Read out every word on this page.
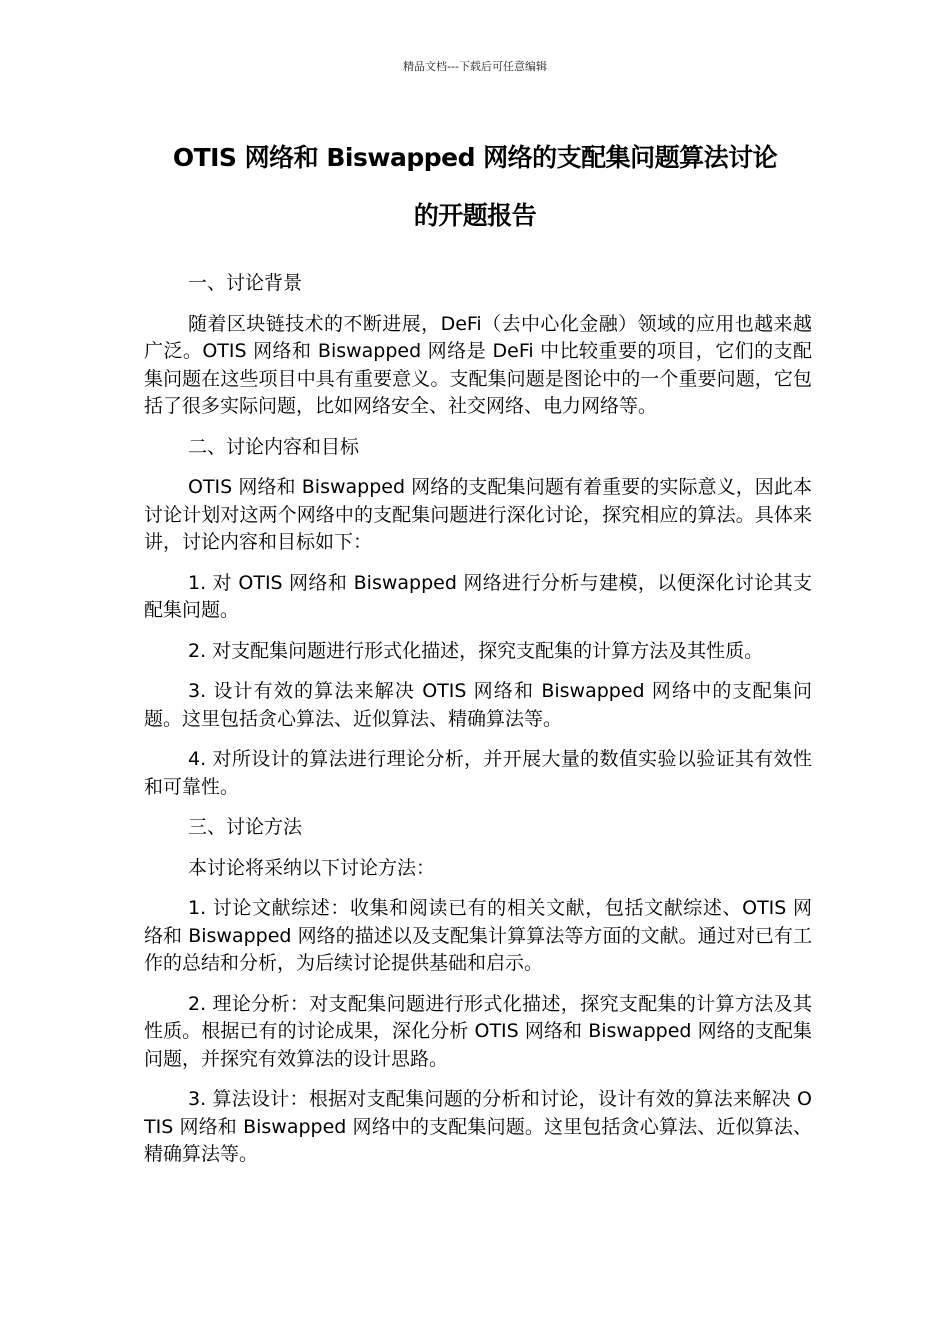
精品文档---下载后可任意编辑
OTIS 网络和 Biswapped 网络的支配集问题算法讨论
的开题报告

一、讨论背景

随着区块链技术的不断进展，DeFi（去中心化金融）领域的应用也越来越广泛。OTIS 网络和 Biswapped 网络是 DeFi 中比较重要的项目，它们的支配集问题在这些项目中具有重要意义。支配集问题是图论中的一个重要问题，它包括了很多实际问题，比如网络安全、社交网络、电力网络等。

二、讨论内容和目标

OTIS 网络和 Biswapped 网络的支配集问题有着重要的实际意义，因此本讨论计划对这两个网络中的支配集问题进行深化讨论，探究相应的算法。具体来讲，讨论内容和目标如下：

1. 对 OTIS 网络和 Biswapped 网络进行分析与建模，以便深化讨论其支配集问题。

2. 对支配集问题进行形式化描述，探究支配集的计算方法及其性质。

3. 设计有效的算法来解决 OTIS 网络和 Biswapped 网络中的支配集问题。这里包括贪心算法、近似算法、精确算法等。

4. 对所设计的算法进行理论分析，并开展大量的数值实验以验证其有效性和可靠性。

三、讨论方法

本讨论将采纳以下讨论方法：

1. 讨论文献综述：收集和阅读已有的相关文献，包括文献综述、OTIS 网络和 Biswapped 网络的描述以及支配集计算算法等方面的文献。通过对已有工作的总结和分析，为后续讨论提供基础和启示。

2. 理论分析：对支配集问题进行形式化描述，探究支配集的计算方法及其性质。根据已有的讨论成果，深化分析 OTIS 网络和 Biswapped 网络的支配集问题，并探究有效算法的设计思路。

3. 算法设计：根据对支配集问题的分析和讨论，设计有效的算法来解决 OTIS 网络和 Biswapped 网络中的支配集问题。这里包括贪心算法、近似算法、精确算法等。
